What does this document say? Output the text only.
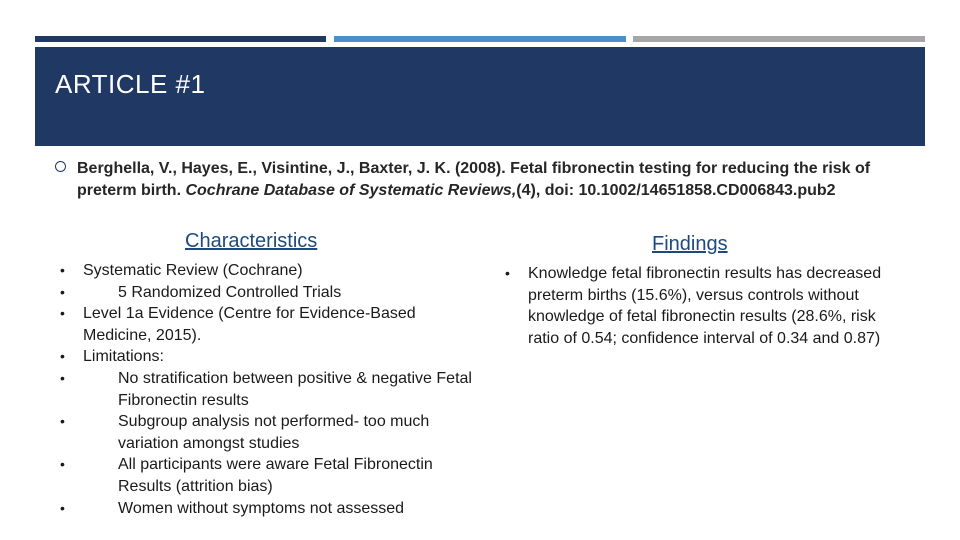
ARTICLE #1
Berghella, V., Hayes, E., Visintine, J., Baxter, J. K. (2008). Fetal fibronectin testing for reducing the risk of preterm birth. Cochrane Database of Systematic Reviews,(4), doi: 10.1002/14651858.CD006843.pub2
Characteristics	Findings
• Systematic Review (Cochrane)
•	5 Randomized Controlled Trials
• Level 1a Evidence (Centre for Evidence-Based Medicine, 2015).
• Limitations:
•	No stratification between positive & negative Fetal Fibronectin results
•	Subgroup analysis not performed- too much variation amongst studies
•	All participants were aware Fetal Fibronectin Results (attrition bias)
•	Women without symptoms not assessed
• Knowledge fetal fibronectin results has decreased preterm births (15.6%), versus controls without knowledge of fetal fibronectin results (28.6%, risk ratio of 0.54; confidence interval of 0.34 and 0.87)
